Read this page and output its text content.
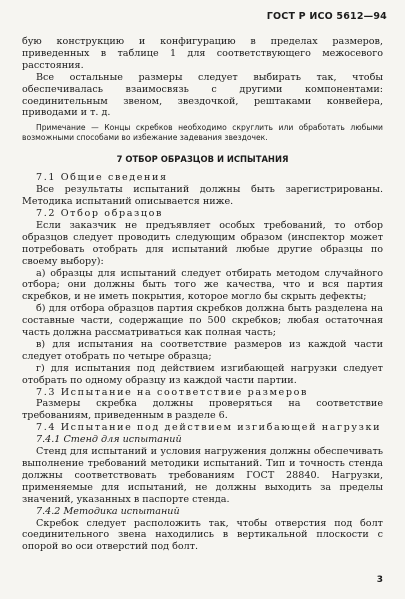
ГОСТ Р ИСО 5612—94

бую конструкцию и конфигурацию в пределах размеров, приведенных в таблице 1 для соответствующего межосевого расстояния.

Все остальные размеры следует выбирать так, чтобы обеспечивалась взаимосвязь с другими компонентами: соединительным звеном, звездочкой, рештаками конвейера, приводами и т. д.

Примечание — Концы скребков необходимо скруглить или обработать любыми возможными способами во избежание задевания звездочек.

7 ОТБОР ОБРАЗЦОВ И ИСПЫТАНИЯ

7.1 Общие сведения

Все результаты испытаний должны быть зарегистрированы. Методика испытаний описывается ниже.

7.2 Отбор образцов

Если заказчик не предъявляет особых требований, то отбор образцов следует проводить следующим образом (инспектор может потребовать отобрать для испытаний любые другие образцы по своему выбору):

а) образцы для испытаний следует отбирать методом случайного отбора; они должны быть того же качества, что и вся партия скребков, и не иметь покрытия, которое могло бы скрыть дефекты;

б) для отбора образцов партия скребков должна быть разделена на составные части, содержащие по 500 скребков; любая остаточная часть должна рассматриваться как полная часть;

в) для испытания на соответствие размеров из каждой части следует отобрать по четыре образца;

г) для испытания под действием изгибающей нагрузки следует отобрать по одному образцу из каждой части партии.

7.3 Испытание на соответствие размеров

Размеры скребка должны проверяться на соответствие требованиям, приведенным в разделе 6.

7.4 Испытание под действием изгибающей нагрузки

7.4.1 Стенд для испытаний

Стенд для испытаний и условия нагружения должны обеспечивать выполнение требований методики испытаний. Тип и точность стенда должны соответствовать требованиям ГОСТ 28840. Нагрузки, применяемые для испытаний, не должны выходить за пределы значений, указанных в паспорте стенда.

7.4.2 Методика испытаний

Скребок следует расположить так, чтобы отверстия под болт соединительного звена находились в вертикальной плоскости с опорой во оси отверстий под болт.

3
